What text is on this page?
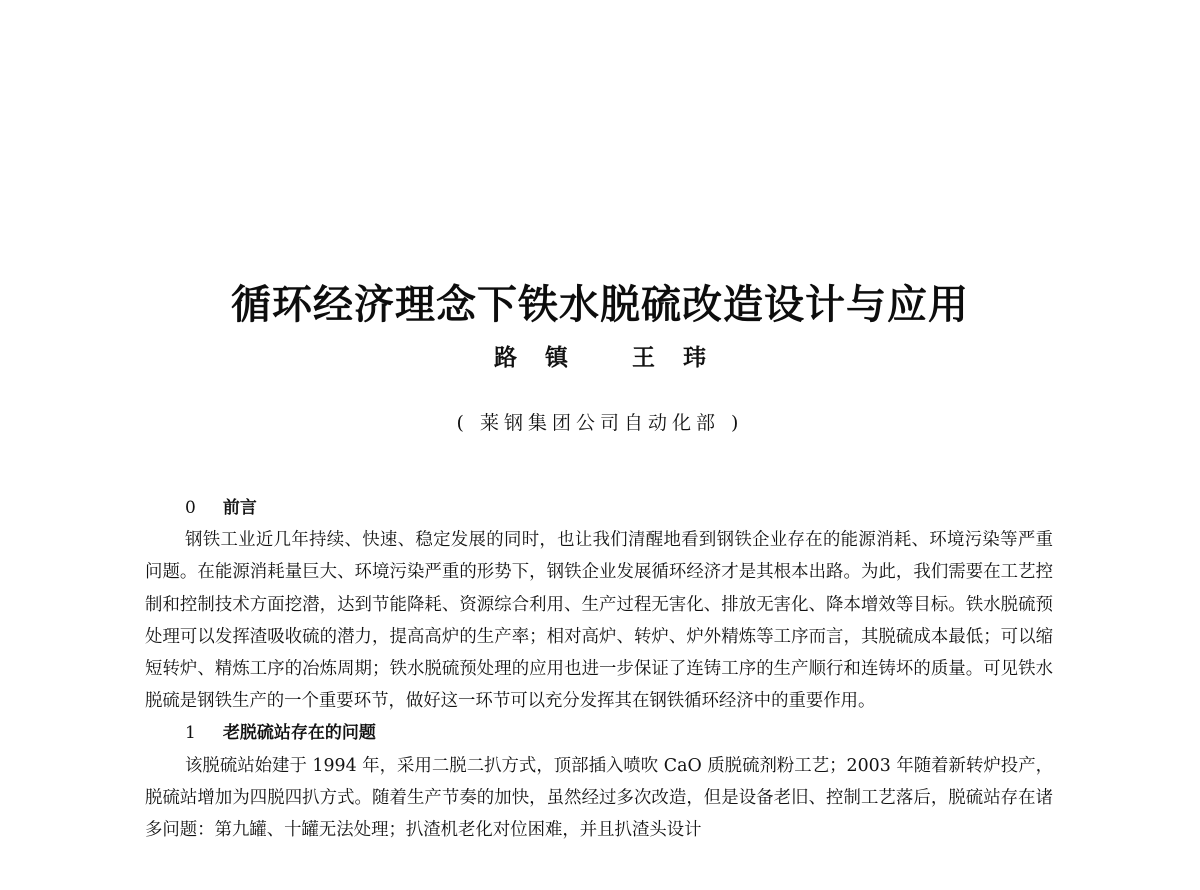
循环经济理念下铁水脱硫改造设计与应用
路镇 王玮
( 莱钢集团公司自动化部 )
0 前言

钢铁工业近几年持续、快速、稳定发展的同时，也让我们清醒地看到钢铁企业存在的能源消耗、环境污染等严重问题。在能源消耗量巨大、环境污染严重的形势下，钢铁企业发展循环经济才是其根本出路。为此，我们需要在工艺控制和控制技术方面挖潜，达到节能降耗、资源综合利用、生产过程无害化、排放无害化、降本增效等目标。铁水脱硫预处理可以发挥渣吸收硫的潜力，提高高炉的生产率；相对高炉、转炉、炉外精炼等工序而言，其脱硫成本最低；可以缩短转炉、精炼工序的冶炼周期；铁水脱硫预处理的应用也进一步保证了连铸工序的生产顺行和连铸坏的质量。可见铁水脱硫是钢铁生产的一个重要环节，做好这一环节可以充分发挥其在钢铁循环经济中的重要作用。

1 老脱硫站存在的问题

该脱硫站始建于 1994 年，采用二脱二扒方式，顶部插入喷吹 CaO 质脱硫剂粉工艺；2003 年随着新转炉投产，脱硫站增加为四脱四扒方式。随着生产节奏的加快，虽然经过多次改造，但是设备老旧、控制工艺落后，脱硫站存在诸多问题：第九罐、十罐无法处理；扒渣机老化对位困难，并且扒渣头设计
